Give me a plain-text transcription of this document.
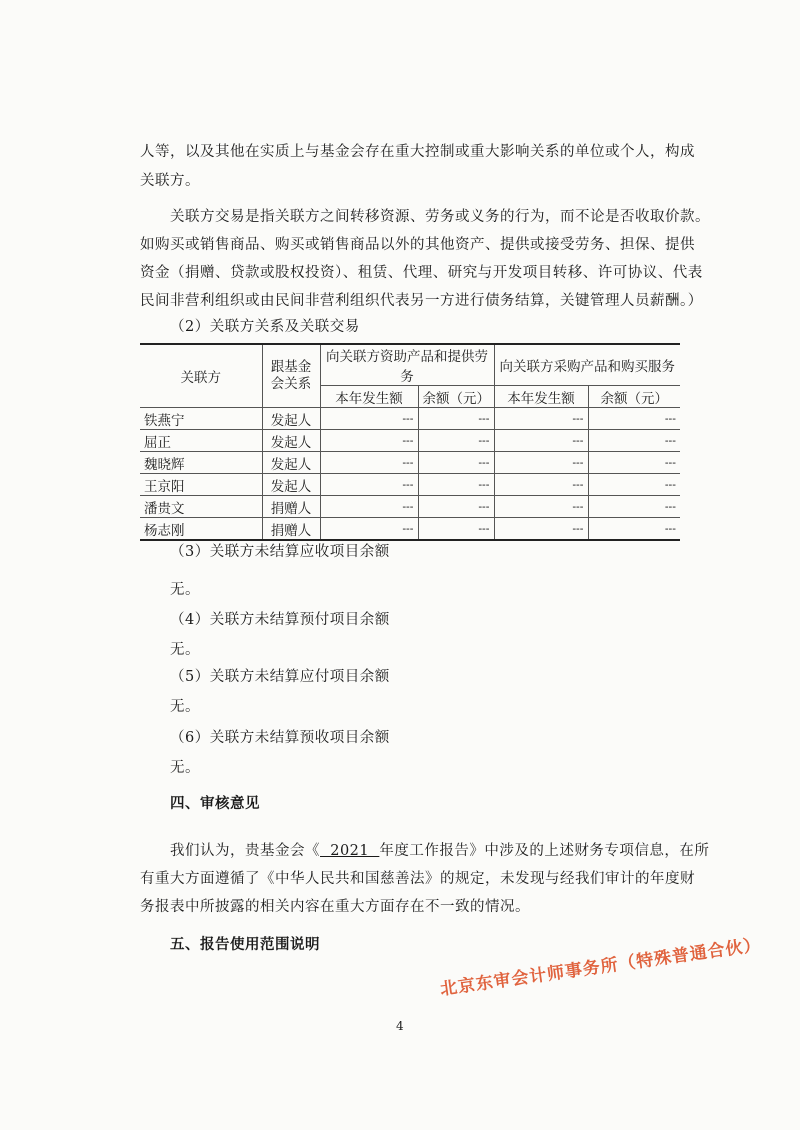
人等，以及其他在实质上与基金会存在重大控制或重大影响关系的单位或个人，构成
关联方。
关联方交易是指关联方之间转移资源、劳务或义务的行为，而不论是否收取价款。
如购买或销售商品、购买或销售商品以外的其他资产、提供或接受劳务、担保、提供
资金（捐赠、贷款或股权投资）、租赁、代理、研究与开发项目转移、许可协议、代表
民间非营利组织或由民间非营利组织代表另一方进行债务结算，关键管理人员薪酬。）
（2）关联方关系及关联交易
关联方	跟基金会关系	向关联方资助产品和提供劳务		向关联方采购产品和购买服务	
		本年发生额	余额（元）	本年发生额	余额（元）
铁燕宁	发起人	---	---	---	---
屈正	发起人	---	---	---	---
魏晓辉	发起人	---	---	---	---
王京阳	发起人	---	---	---	---
潘贵文	捐赠人	---	---	---	---
杨志刚	捐赠人	---	---	---	---
（3）关联方未结算应收项目余额
无。
（4）关联方未结算预付项目余额
无。
（5）关联方未结算应付项目余额
无。
（6）关联方未结算预收项目余额
无。
四、审核意见
我们认为，贵基金会《  2021  年度工作报告》中涉及的上述财务专项信息，在所
有重大方面遵循了《中华人民共和国慈善法》的规定，未发现与经我们审计的年度财
务报表中所披露的相关内容在重大方面存在不一致的情况。
五、报告使用范围说明	北京东审会计师事务所（特殊普通合伙）
4
